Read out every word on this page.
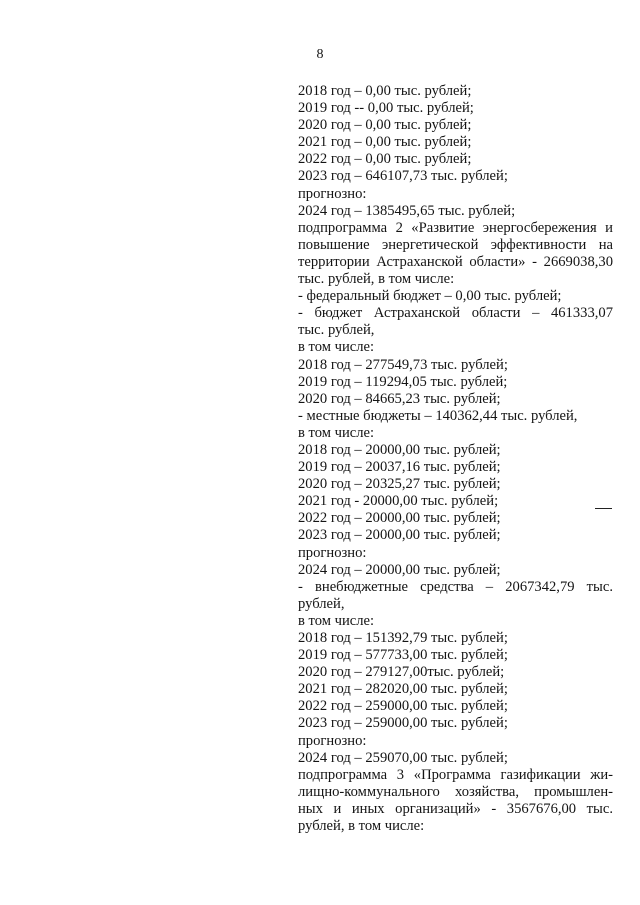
8
2018 год – 0,00 тыс. рублей;
2019 год -- 0,00 тыс. рублей;
2020 год – 0,00 тыс. рублей;
2021 год – 0,00 тыс. рублей;
2022 год – 0,00 тыс. рублей;
2023 год – 646107,73 тыс. рублей;
прогнозно:
2024 год – 1385495,65 тыс. рублей;
подпрограмма 2 «Развитие энергосбережения и
повышение энергетической эффективности на
территории Астраханской области» - 2669038,30
тыс. рублей, в том числе:
- федеральный бюджет – 0,00 тыс. рублей;
- бюджет Астраханской области – 461333,07
тыс. рублей,
в том числе:
2018 год – 277549,73 тыс. рублей;
2019 год – 119294,05 тыс. рублей;
2020 год – 84665,23 тыс. рублей;
- местные бюджеты – 140362,44 тыс. рублей,
в том числе:
2018 год – 20000,00 тыс. рублей;
2019 год – 20037,16 тыс. рублей;
2020 год – 20325,27 тыс. рублей;
2021 год - 20000,00 тыс. рублей;
2022 год – 20000,00 тыс. рублей;
2023 год – 20000,00 тыс. рублей;
прогнозно:
2024 год – 20000,00 тыс. рублей;
- внебюджетные средства – 2067342,79 тыс.
рублей,
в том числе:
2018 год – 151392,79 тыс. рублей;
2019 год – 577733,00 тыс. рублей;
2020 год – 279127,00тыс. рублей;
2021 год – 282020,00 тыс. рублей;
2022 год – 259000,00 тыс. рублей;
2023 год – 259000,00 тыс. рублей;
прогнозно:
2024 год – 259070,00 тыс. рублей;
подпрограмма 3 «Программа газификации жи-
лищно-коммунального хозяйства, промышлен-
ных и иных организаций» - 3567676,00 тыс.
рублей, в том числе:
